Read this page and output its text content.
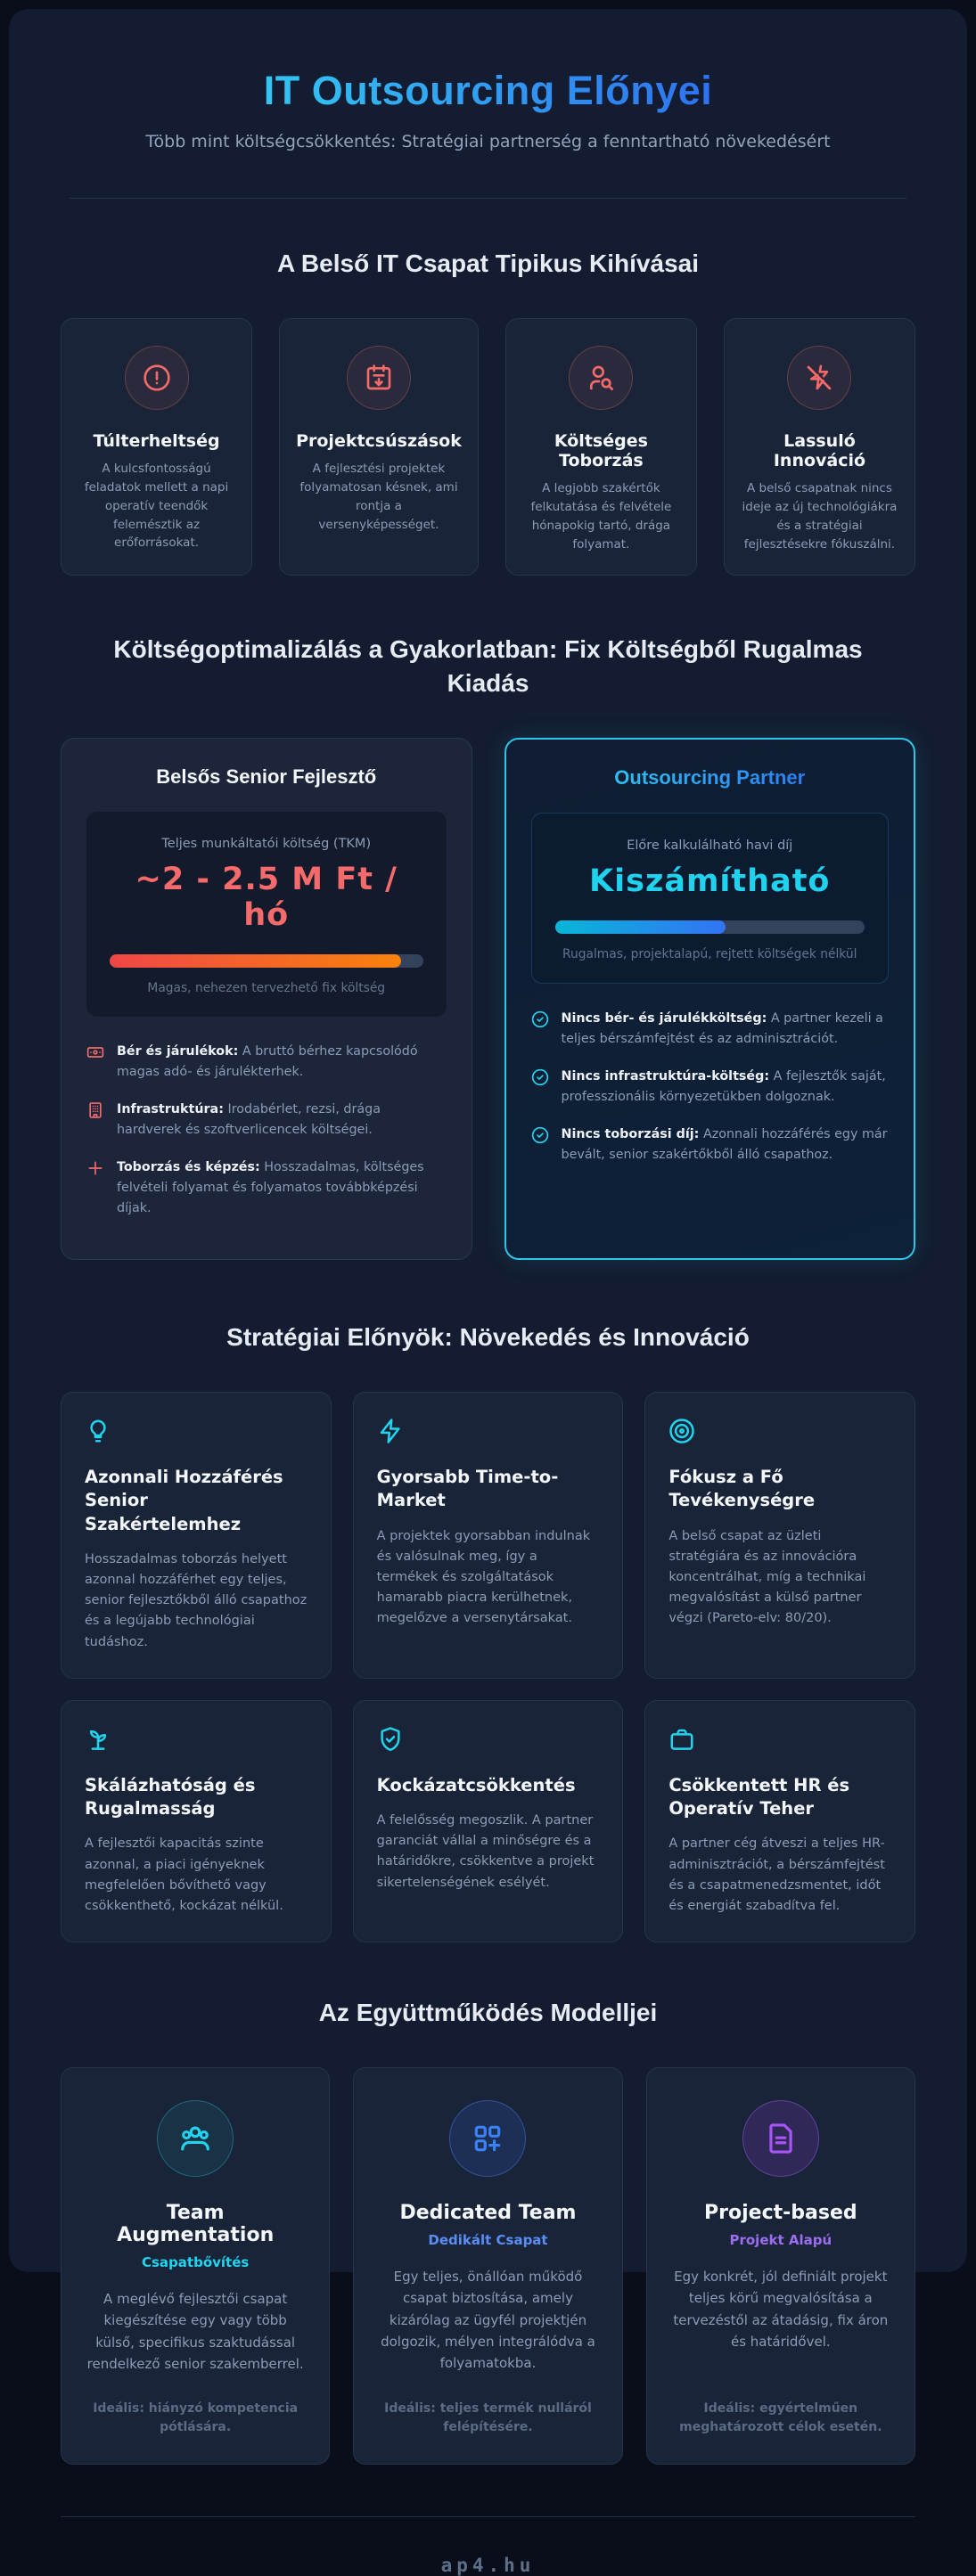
IT Outsourcing Előnyei

Több mint költségcsökkentés: Stratégiai partnerség a fenntartható növekedésért

A Belső IT Csapat Tipikus Kihívásai
Túlterheltség

A kulcsfontosságú feladatok mellett a napi operatív teendők felemésztik az erőforrásokat.

Projektcsúszások

A fejlesztési projektek folyamatosan késnek, ami rontja a versenyképességet.

Költséges Toborzás

A legjobb szakértők felkutatása és felvétele hónapokig tartó, drága folyamat.

Lassuló Innováció

A belső csapatnak nincs ideje az új technológiákra és a stratégiai fejlesztésekre fókuszálni.

Költségoptimalizálás a Gyakorlatban: Fix Költségből Rugalmas Kiadás
Belsős Senior Fejlesztő
Teljes munkáltatói költség (TKM)
~2 - 2.5 M Ft / hó
Magas, nehezen tervezhető fix költség

Bér és járulékok: A bruttó bérhez kapcsolódó magas adó- és járulékterhek.

Infrastruktúra: Irodabérlet, rezsi, drága hardverek és szoftverlicencek költségei.

Toborzás és képzés: Hosszadalmas, költséges felvételi folyamat és folyamatos továbbképzési díjak.

Outsourcing Partner
Előre kalkulálható havi díj
Kiszámítható
Rugalmas, projektalapú, rejtett költségek nélkül

Nincs bér- és járulékköltség: A partner kezeli a teljes bérszámfejtést és az adminisztrációt.

Nincs infrastruktúra-költség: A fejlesztők saját, professzionális környezetükben dolgoznak.

Nincs toborzási díj: Azonnali hozzáférés egy már bevált, senior szakértőkből álló csapathoz.

Stratégiai Előnyök: Növekedés és Innováció
Azonnali Hozzáférés Senior Szakértelemhez

Hosszadalmas toborzás helyett azonnal hozzáférhet egy teljes, senior fejlesztőkből álló csapathoz és a legújabb technológiai tudáshoz.

Gyorsabb Time-to-Market

A projektek gyorsabban indulnak és valósulnak meg, így a termékek és szolgáltatások hamarabb piacra kerülhetnek, megelőzve a versenytársakat.

Fókusz a Fő Tevékenységre

A belső csapat az üzleti stratégiára és az innovációra koncentrálhat, míg a technikai megvalósítást a külső partner végzi (Pareto-elv: 80/20).

Skálázhatóság és Rugalmasság

A fejlesztői kapacitás szinte azonnal, a piaci igényeknek megfelelően bővíthető vagy csökkenthető, kockázat nélkül.

Kockázatcsökkentés

A felelősség megoszlik. A partner garanciát vállal a minőségre és a határidőkre, csökkentve a projekt sikertelenségének esélyét.

Csökkentett HR és Operatív Teher

A partner cég átveszi a teljes HR-adminisztrációt, a bérszámfejtést és a csapatmenedzsmentet, időt és energiát szabadítva fel.

Az Együttműködés Modelljei
Team Augmentation
Csapatbővítés

A meglévő fejlesztői csapat kiegészítése egy vagy több külső, specifikus szaktudással rendelkező senior szakemberrel.

Ideális: hiányzó kompetencia pótlására.

Dedicated Team
Dedikált Csapat

Egy teljes, önállóan működő csapat biztosítása, amely kizárólag az ügyfél projektjén dolgozik, mélyen integrálódva a folyamatokba.

Ideális: teljes termék nulláról felépítésére.

Project-based
Projekt Alapú

Egy konkrét, jól definiált projekt teljes körű megvalósítása a tervezéstől az átadásig, fix áron és határidővel.

Ideális: egyértelműen meghatározott célok esetén.

ap4.hu
